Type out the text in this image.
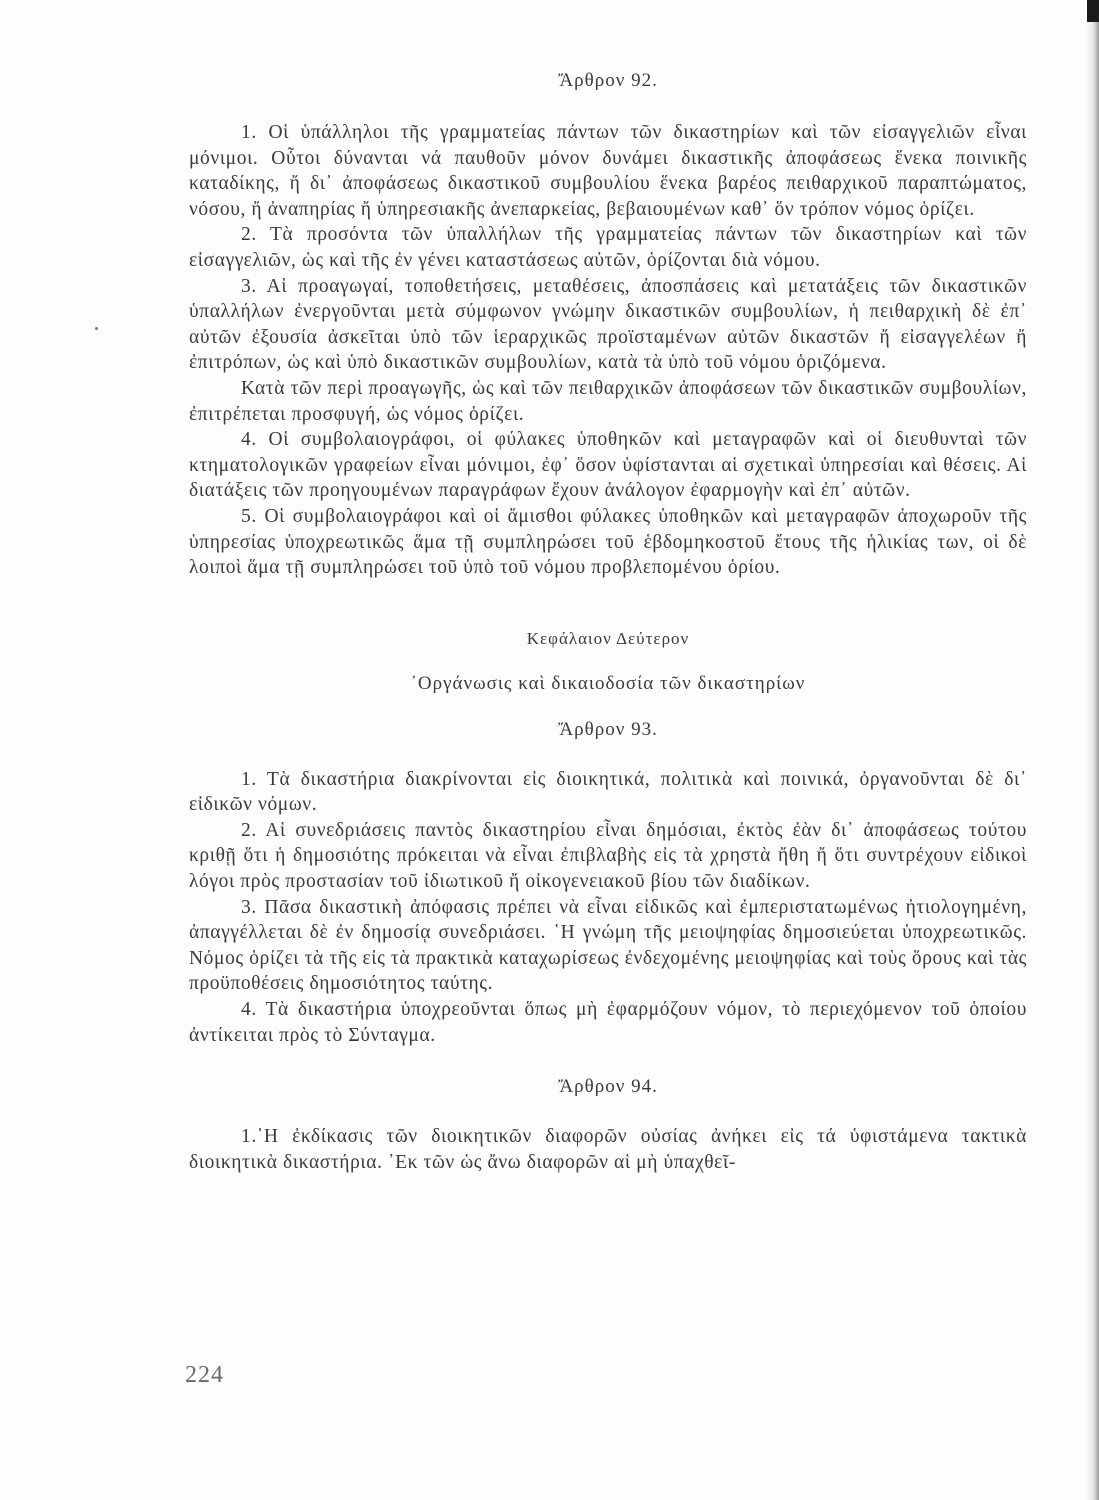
Ἄρθρον 92.

1. Οἱ ὑπάλληλοι τῆς γραμματείας πάντων τῶν δικαστηρίων καὶ τῶν εἰσαγγελιῶν εἶναι μόνιμοι. Οὗτοι δύνανται νά παυθοῦν μόνον δυνάμει δικαστικῆς ἀποφάσεως ἕνεκα ποινικῆς καταδίκης, ἤ δι᾿ ἀποφάσεως δικαστικοῦ συμβουλίου ἕνεκα βαρέος πειθαρχικοῦ παραπτώματος, νόσου, ἤ ἀναπηρίας ἤ ὑπηρεσιακῆς ἀνεπαρκείας, βεβαιουμένων καθ᾿ ὅν τρόπον νόμος ὁρίζει.

2. Τὰ προσόντα τῶν ὑπαλλήλων τῆς γραμματείας πάντων τῶν δικαστηρίων καὶ τῶν εἰσαγγελιῶν, ὡς καὶ τῆς ἐν γένει καταστάσεως αὐτῶν, ὁρίζονται διὰ νόμου.

3. Αἱ προαγωγαί, τοποθετήσεις, μεταθέσεις, ἀποσπάσεις καὶ μετατάξεις τῶν δικαστικῶν ὑπαλλήλων ἐνεργοῦνται μετὰ σύμφωνον γνώμην δικαστικῶν συμβουλίων, ἡ πειθαρχικὴ δὲ ἐπ᾿ αὐτῶν ἐξουσία ἀσκεῖται ὑπὸ τῶν ἱεραρχικῶς προϊσταμένων αὐτῶν δικαστῶν ἤ εἰσαγγελέων ἤ ἐπιτρόπων, ὡς καὶ ὑπὸ δικαστικῶν συμβουλίων, κατὰ τὰ ὑπὸ τοῦ νόμου ὁριζόμενα.

Κατὰ τῶν περὶ προαγωγῆς, ὡς καὶ τῶν πειθαρχικῶν ἀποφάσεων τῶν δικαστικῶν συμβουλίων, ἐπιτρέπεται προσφυγή, ὡς νόμος ὁρίζει.

4. Οἱ συμβολαιογράφοι, οἱ φύλακες ὑποθηκῶν καὶ μεταγραφῶν καὶ οἱ διευθυνταὶ τῶν κτηματολογικῶν γραφείων εἶναι μόνιμοι, ἐφ᾿ ὅσον ὑφίστανται αἱ σχετικαὶ ὑπηρεσίαι καὶ θέσεις. Αἱ διατάξεις τῶν προηγουμένων παραγράφων ἔχουν ἀνάλογον ἐφαρμογὴν καὶ ἐπ᾿ αὐτῶν.

5. Οἱ συμβολαιογράφοι καὶ οἱ ἄμισθοι φύλακες ὑποθηκῶν καὶ μεταγραφῶν ἀποχωροῦν τῆς ὑπηρεσίας ὑποχρεωτικῶς ἅμα τῇ συμπληρώσει τοῦ ἑβδομηκοστοῦ ἔτους τῆς ἡλικίας των, οἱ δὲ λοιποὶ ἅμα τῇ συμπληρώσει τοῦ ὑπὸ τοῦ νόμου προβλεπομένου ὁρίου.

Κεφάλαιον Δεύτερον

᾿Οργάνωσις καὶ δικαιοδοσία τῶν δικαστηρίων

Ἄρθρον 93.

1. Τὰ δικαστήρια διακρίνονται εἰς διοικητικά, πολιτικὰ καὶ ποινικά, ὀργανοῦνται δὲ δι᾿ εἰδικῶν νόμων.

2. Αἱ συνεδριάσεις παντὸς δικαστηρίου εἶναι δημόσιαι, ἐκτὸς ἐὰν δι᾿ ἀποφάσεως τούτου κριθῇ ὅτι ἡ δημοσιότης πρόκειται νὰ εἶναι ἐπιβλαβὴς εἰς τὰ χρηστὰ ἤθη ἤ ὅτι συντρέχουν εἰδικοὶ λόγοι πρὸς προστασίαν τοῦ ἰδιωτικοῦ ἤ οἰκογενειακοῦ βίου τῶν διαδίκων.

3. Πᾶσα δικαστικὴ ἀπόφασις πρέπει νὰ εἶναι εἰδικῶς καὶ ἐμπεριστατωμένως ἠτιολογημένη, ἀπαγγέλλεται δὲ ἐν δημοσίᾳ συνεδριάσει. ῾Η γνώμη τῆς μειοψηφίας δημοσιεύεται ὑποχρεωτικῶς. Νόμος ὁρίζει τὰ τῆς εἰς τὰ πρακτικὰ καταχωρίσεως ἐνδεχομένης μειοψηφίας καὶ τοὺς ὅρους καὶ τὰς προϋποθέσεις δημοσιότητος ταύτης.

4. Τὰ δικαστήρια ὑποχρεοῦνται ὅπως μὴ ἐφαρμόζουν νόμον, τὸ περιεχόμενον τοῦ ὁποίου ἀντίκειται πρὸς τὸ Σύνταγμα.

Ἄρθρον 94.

1.῾Η ἐκδίκασις τῶν διοικητικῶν διαφορῶν οὐσίας ἀνήκει εἰς τά ὑφιστάμενα τακτικὰ διοικητικὰ δικαστήρια. ᾿Εκ τῶν ὡς ἄνω διαφορῶν αἱ μὴ ὑπαχθεῖ-

224
